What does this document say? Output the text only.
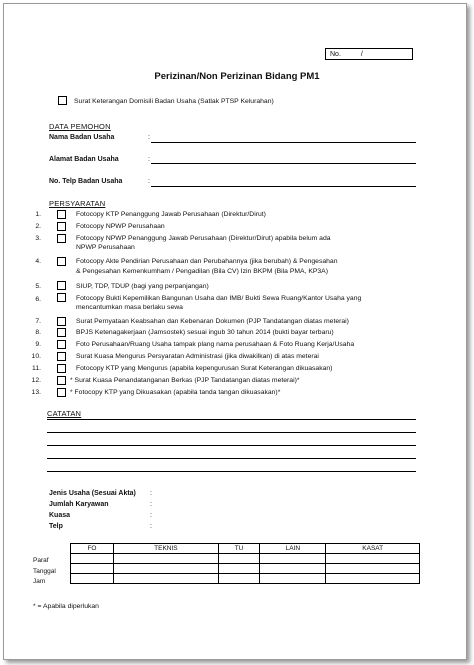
No.	/
Perizinan/Non Perizinan Bidang PM1
Surat Keterangan Domisili Badan Usaha (Satlak PTSP Kelurahan)
DATA PEMOHON
Nama Badan Usaha	:
Alamat Badan Usaha	:
No. Telp Badan Usaha	:
PERSYARATAN
1.	Fotocopy KTP Penanggung Jawab Perusahaan (Direktur/Dirut)
2.	Fotocopy NPWP Perusahaan
3.	Fotocopy NPWP Penanggung Jawab Perusahaan (Direktur/Dirut) apabila belum ada
NPWP Perusahaan
4.	Fotocopy Akte Pendirian Perusahaan dan Perubahannya (jika berubah) & Pengesahan
& Pengesahan Kemenkumham / Pengadilan (Bila CV) Izin BKPM (Bila PMA, KP3A)
5.	SIUP, TDP, TDUP (bagi yang perpanjangan)
6.	Fotocopy Bukti Kepemilikan Bangunan Usaha dan IMB/ Bukti Sewa Ruang/Kantor Usaha yang
mencantumkan masa berlaku sewa
7.	Surat Pernyataan Keabsahan dan Kebenaran Dokumen (PJP Tandatangan diatas meterai)
8.	BPJS Ketenagakerjaan (Jamsostek) sesuai ingub 30 tahun 2014 (bukti bayar terbaru)
9.	Foto Perusahaan/Ruang Usaha tampak plang nama perusahaan & Foto Ruang Kerja/Usaha
10.	Surat Kuasa Mengurus Persyaratan Administrasi (jika diwakilkan) di atas meterai
11.	Fotocopy KTP yang Mengurus (apabila kepengurusan Surat Keterangan dikuasakan)
12.	* Surat Kuasa Penandatanganan Berkas (PJP Tandatangan diatas meterai)*
13.	* Fotocopy KTP yang Dikuasakan (apabila tanda tangan dikuasakan)*
CATATAN
Jenis Usaha (Sesuai Akta) :
Jumlah Karyawan	:
Kuasa	:
Telp	:
FO	TEKNIS	TU	LAIN	KASAT

Paraf
Tanggal
Jam
* = Apabila diperlukan
